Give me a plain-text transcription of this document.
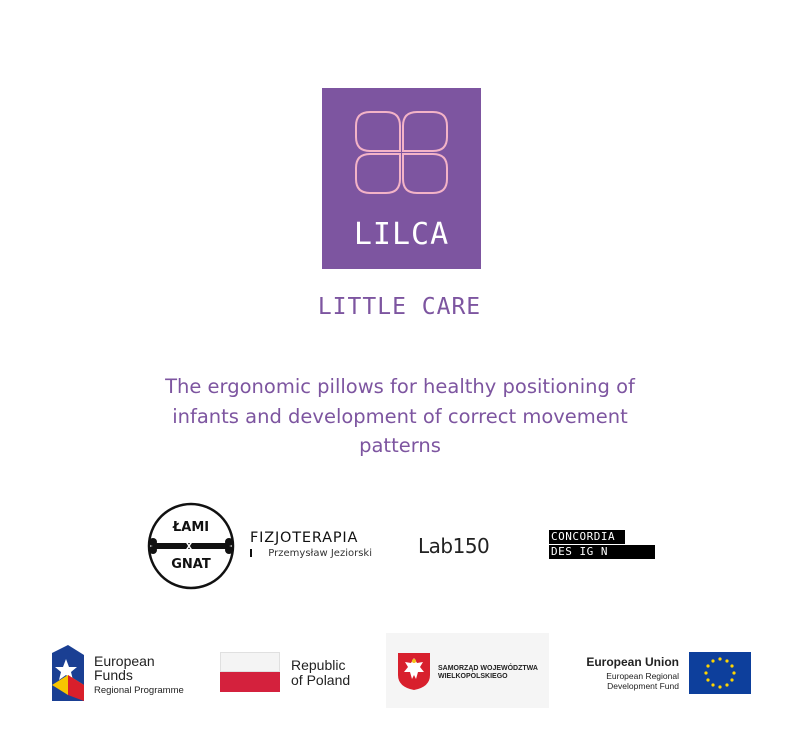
LILCA
LITTLE CARE
The ergonomic pillows for healthy positioning of infants and development of correct movement patterns
ŁAMI
GNAT
FIZJOTERAPIA
Przemysław Jeziorski Lab150	CONCORDIA
DES IG N
European
Funds
Regional Programme
Republic
of Poland
SAMORZĄD WOJEWÓDZTWA
WIELKOPOLSKIEGO
European Union
European Regional
Development Fund
